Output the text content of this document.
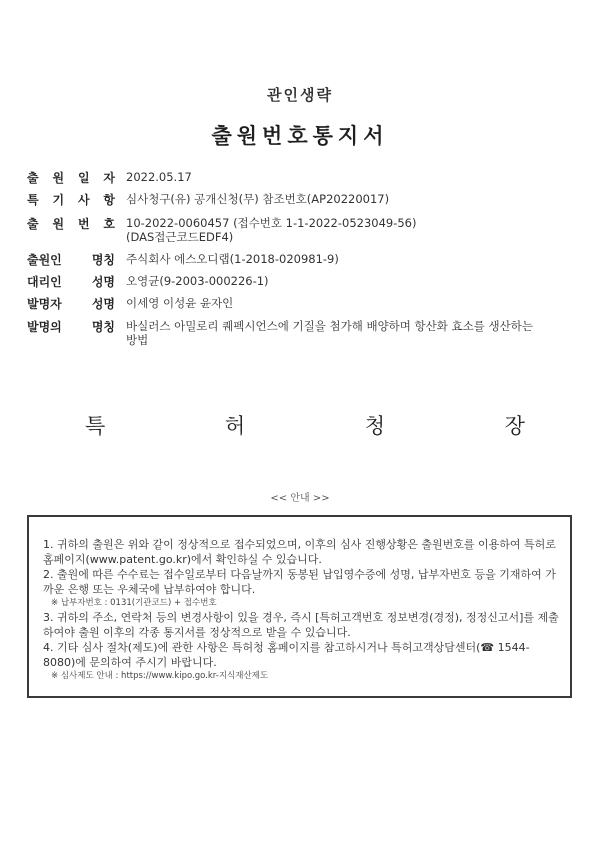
관인생략
출원번호통지서
출 원 일 자 2022.05.17
특 기 사 항 심사청구(유) 공개신청(무) 참조번호(AP20220017)
출 원 번 호 10-2022-0060457 (접수번호 1-1-2022-0523049-56)
(DAS접근코드EDF4)
출원인	명칭 주식회사 에스오디랩(1-2018-020981-9)
대리인	성명 오영균(9-2003-000226-1)
발명자	성명 이세영 이성윤 윤자인
발명의	명칭 바실러스 아밀로리 퀘펙시언스에 기질을 첨가해 배양하며 항산화 효소를 생산하는
방법
특	허	청	장
<< 안내 >>

1. 귀하의 출원은 위와 같이 정상적으로 접수되었으며, 이후의 심사 진행상황은 출원번호를 이용하여 특허로 홈페이지(www.patent.go.kr)에서 확인하실 수 있습니다.

2. 출원에 따른 수수료는 접수일로부터 다음날까지 동봉된 납입영수증에 성명, 납부자번호 등을 기재하여 가까운 은행 또는 우체국에 납부하여야 합니다.

※ 납부자번호 : 0131(기관코드) + 접수번호

3. 귀하의 주소, 연락처 등의 변경사항이 있을 경우, 즉시 [특허고객번호 정보변경(경정), 정정신고서]를 제출하여야 출원 이후의 각종 통지서를 정상적으로 받을 수 있습니다.

4. 기타 심사 절차(제도)에 관한 사항은 특허청 홈페이지를 참고하시거나 특허고객상담센터(☎ 1544-8080)에 문의하여 주시기 바랍니다.

※ 심사제도 안내 : https://www.kipo.go.kr-지식재산제도
